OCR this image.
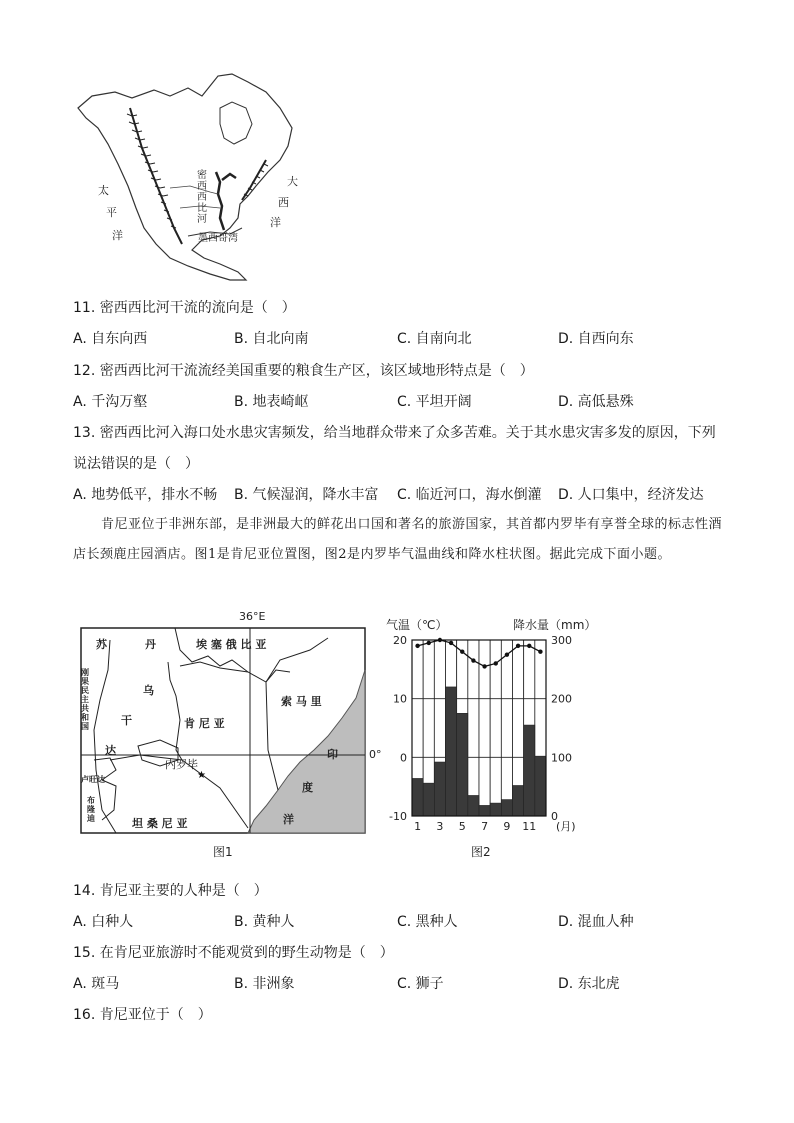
太
平
洋
大
西
洋
密西西比河
墨西哥湾
11. 密西西比河干流的流向是（　）
A. 自东向西	B. 自北向南	C. 自南向北	D. 自西向东
12. 密西西比河干流流经美国重要的粮食生产区，该区域地形特点是（　）
A. 千沟万壑	B. 地表崎岖	C. 平坦开阔	D. 高低悬殊
13. 密西西比河入海口处水患灾害频发，给当地群众带来了众多苦难。关于其水患灾害多发的原因，下列
说法错误的是（　）
A. 地势低平，排水不畅 B. 气候湿润，降水丰富 C. 临近河口，海水倒灌 D. 人口集中，经济发达

肯尼亚位于非洲东部，是非洲最大的鲜花出口国和著名的旅游国家，其首都内罗毕有享誉全球的标志性酒店长颈鹿庄园酒店。图1是肯尼亚位置图，图2是内罗毕气温曲线和降水柱状图。据此完成下面小题。

★
36°E
0°
苏	丹	埃 塞 俄 比 亚
索 马 里
乌
干
达
肯 尼 亚
内罗毕
坦 桑 尼 亚
刚
果
民
主
共
和
国
卢旺达
布
隆
迪
印
度
洋
图1
气温（℃）	降水量（mm）
-10
0
10
20
0
100
200
300
1 3 5 7 9 11 (月)
图2
14. 肯尼亚主要的人种是（　）
A. 白种人	B. 黄种人	C. 黑种人	D. 混血人种
15. 在肯尼亚旅游时不能观赏到的野生动物是（　）
A. 斑马	B. 非洲象	C. 狮子	D. 东北虎
16. 肯尼亚位于（　）
